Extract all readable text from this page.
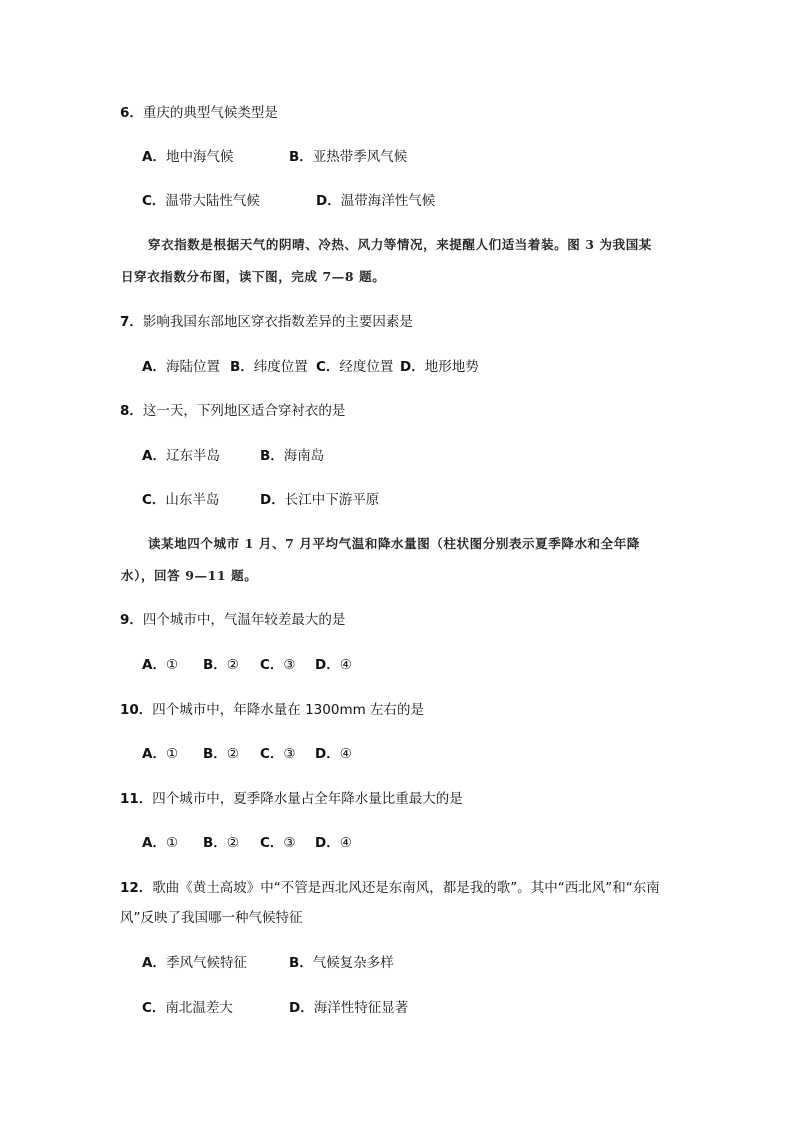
6．重庆的典型气候类型是
A．地中海气候	B．亚热带季风气候
C．温带大陆性气候	D．温带海洋性气候
穿衣指数是根据天气的阴晴、冷热、风力等情况，来提醒人们适当着装。图 3 为我国某
日穿衣指数分布图，读下图，完成 7—8 题。
7．影响我国东部地区穿衣指数差异的主要因素是
A．海陆位置 B．纬度位置 C．经度位置 D．地形地势
8．这一天，下列地区适合穿衬衣的是
A．辽东半岛	B．海南岛
C．山东半岛	D．长江中下游平原
读某地四个城市 1 月、7 月平均气温和降水量图（柱状图分别表示夏季降水和全年降
水），回答 9—11 题。
9．四个城市中，气温年较差最大的是
A．① B．② C．③ D．④
10．四个城市中，年降水量在 1300mm 左右的是
A．① B．② C．③ D．④
11．四个城市中，夏季降水量占全年降水量比重最大的是
A．① B．② C．③ D．④
12．歌曲《黄土高坡》中“不管是西北风还是东南风，都是我的歌”。其中“西北风”和“东南
风”反映了我国哪一种气候特征
A．季风气候特征	B．气候复杂多样
C．南北温差大	D．海洋性特征显著
